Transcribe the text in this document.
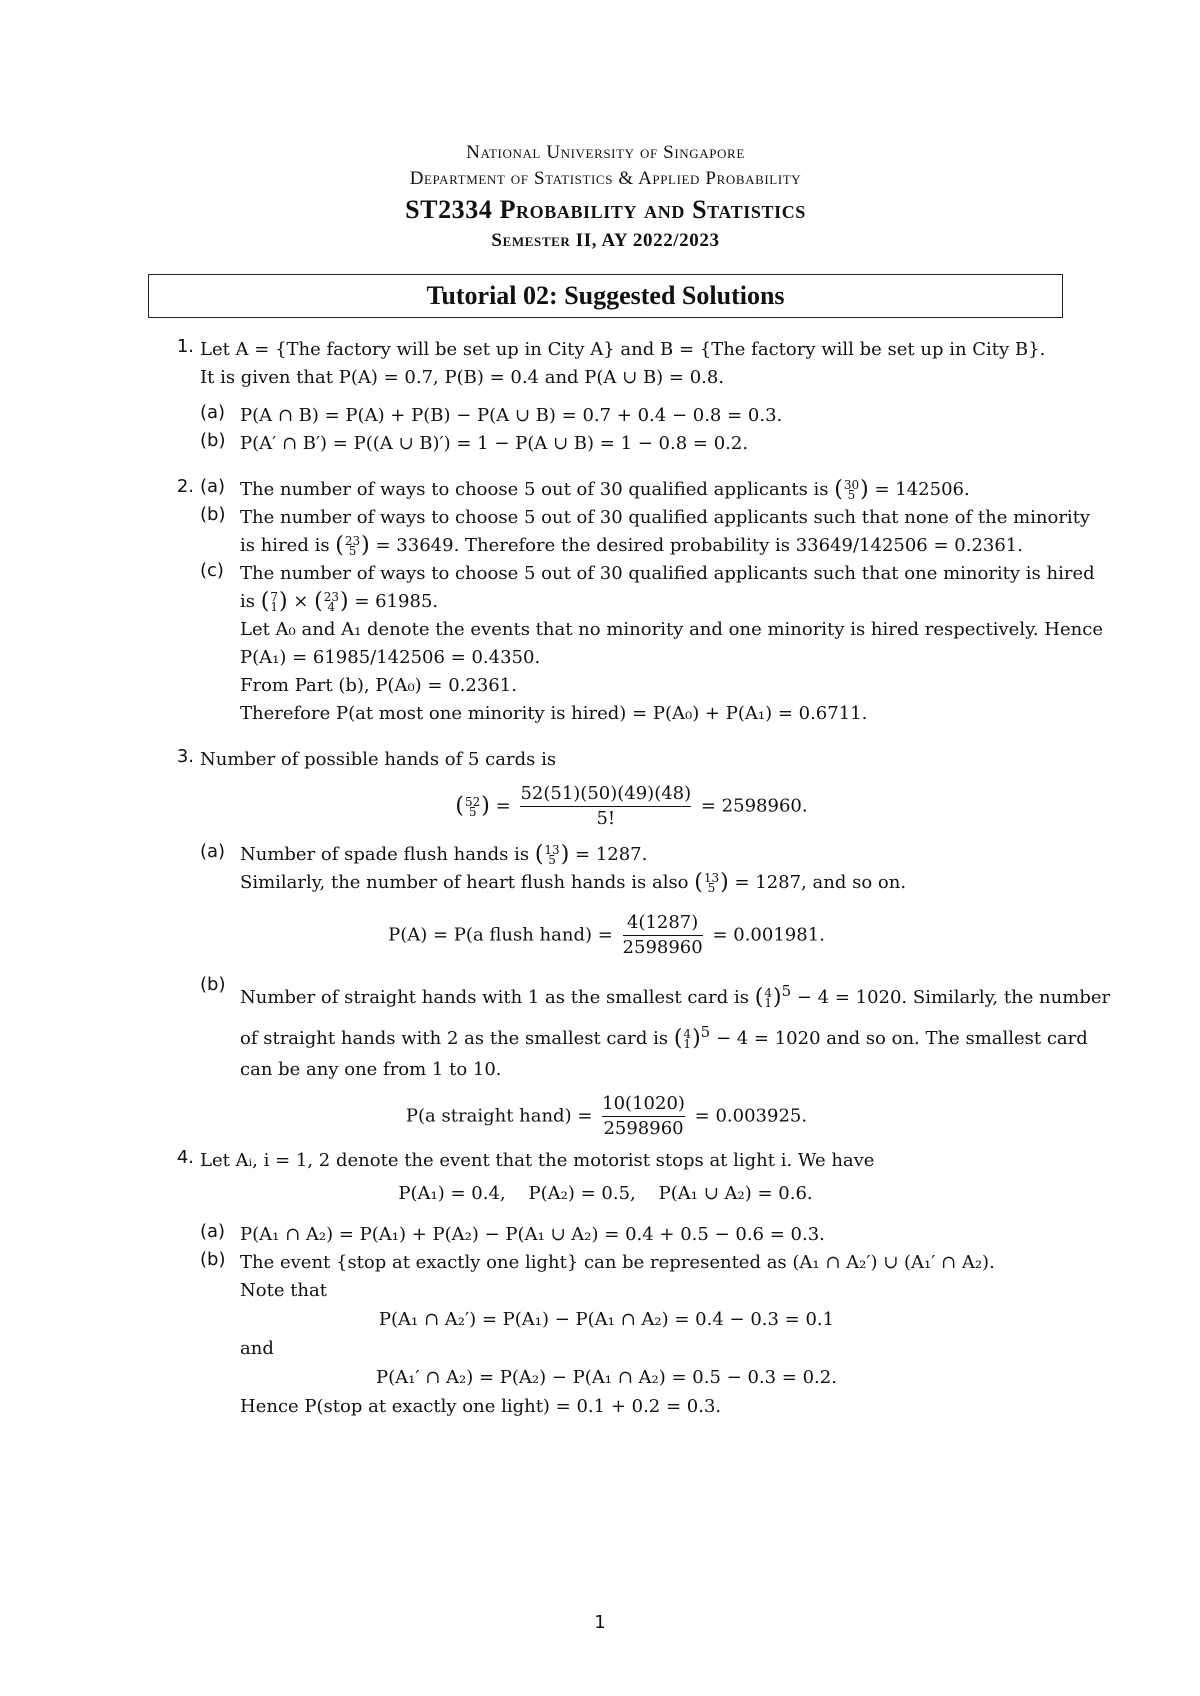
National University of Singapore
Department of Statistics & Applied Probability
ST2334 Probability and Statistics
Semester II, AY 2022/2023
Tutorial 02: Suggested Solutions
1. Let A = {The factory will be set up in City A} and B = {The factory will be set up in City B}.
It is given that P(A) = 0.7, P(B) = 0.4 and P(A ∪ B) = 0.8.
(a) P(A ∩ B) = P(A) + P(B) − P(A ∪ B) = 0.7 + 0.4 − 0.8 = 0.3.
(b) P(A′ ∩ B′) = P((A ∪ B)′) = 1 − P(A ∪ B) = 1 − 0.8 = 0.2.
2. (a) The number of ways to choose 5 out of 30 qualified applicants is ( 30
5 ) = 142506.
(b) The number of ways to choose 5 out of 30 qualified applicants such that none of the minority
is hired is ( 23
5 ) = 33649. Therefore the desired probability is 33649/142506 = 0.2361.
(c) The number of ways to choose 5 out of 30 qualified applicants such that one minority is hired
is ( 7
1 ) × ( 23
4 ) = 61985.
Let A₀ and A₁ denote the events that no minority and one minority is hired respectively. Hence
P(A₁) = 61985/142506 = 0.4350.
From Part (b), P(A₀) = 0.2361.
Therefore P(at most one minority is hired) = P(A₀) + P(A₁) = 0.6711.
3. Number of possible hands of 5 cards is
( 52
5 ) = $\frac{52(51)(50)(49)(48)}{5!} = 2598960$.
(a) Number of spade flush hands is ( 13
5 ) = 1287.
Similarly, the number of heart flush hands is also ( 13
5 ) = 1287, and so on.
P(A) = P(a flush hand) = $\frac{4(1287)}{2598960} = 0.001981$.
(b)
Number of straight hands with 1 as the smallest card is ( 4
1 )$^5$ − 4 = 1020. Similarly, the number
of straight hands with 2 as the smallest card is ( 4
1 )$^5$ − 4 = 1020 and so on. The smallest card
can be any one from 1 to 10.
P(a straight hand) = $\frac{10(1020)}{2598960} = 0.003925$.
4. Let Aᵢ, i = 1, 2 denote the event that the motorist stops at light i. We have
P(A₁) = 0.4,    P(A₂) = 0.5,    P(A₁ ∪ A₂) = 0.6.
(a) P(A₁ ∩ A₂) = P(A₁) + P(A₂) − P(A₁ ∪ A₂) = 0.4 + 0.5 − 0.6 = 0.3.
(b) The event {stop at exactly one light} can be represented as (A₁ ∩ A₂′) ∪ (A₁′ ∩ A₂).
Note that
P(A₁ ∩ A₂′) = P(A₁) − P(A₁ ∩ A₂) = 0.4 − 0.3 = 0.1
and
P(A₁′ ∩ A₂) = P(A₂) − P(A₁ ∩ A₂) = 0.5 − 0.3 = 0.2.
Hence P(stop at exactly one light) = 0.1 + 0.2 = 0.3.
1
